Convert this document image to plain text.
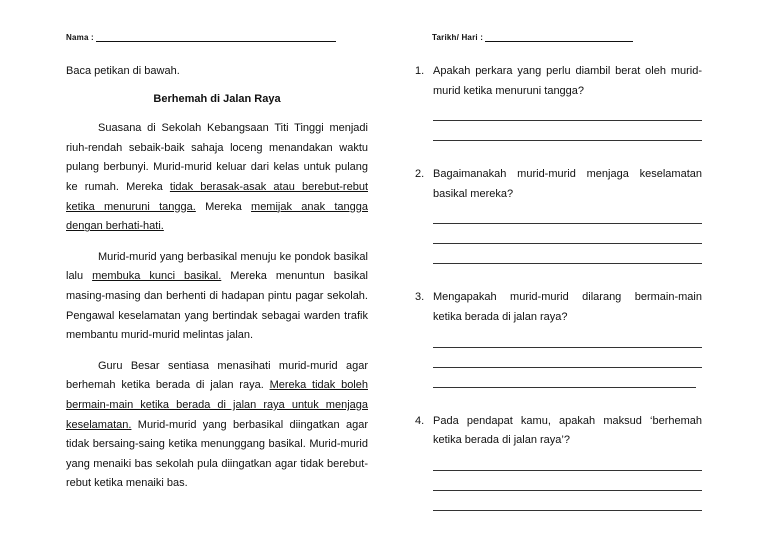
Nama :	Tarikh/ Hari :

Baca petikan di bawah.

Berhemah di Jalan Raya

Suasana di Sekolah Kebangsaan Titi Tinggi menjadi riuh-rendah sebaik-baik sahaja loceng menandakan waktu pulang berbunyi. Murid-murid keluar dari kelas untuk pulang ke rumah. Mereka tidak berasak-asak atau berebut-rebut ketika menuruni tangga. Mereka memijak anak tangga dengan berhati-hati.

Murid-murid yang berbasikal menuju ke pondok basikal lalu membuka kunci basikal. Mereka menuntun basikal masing-masing dan berhenti di hadapan pintu pagar sekolah. Pengawal keselamatan yang bertindak sebagai warden trafik membantu murid-murid melintas jalan.

Guru Besar sentiasa menasihati murid-murid agar berhemah ketika berada di jalan raya. Mereka tidak boleh bermain-main ketika berada di jalan raya untuk menjaga keselamatan. Murid-murid yang berbasikal diingatkan agar tidak bersaing-saing ketika menunggang basikal. Murid-murid yang menaiki bas sekolah pula diingatkan agar tidak berebut-rebut ketika menaiki bas.

1. Apakah perkara yang perlu diambil berat oleh murid-murid ketika menuruni tangga?
2. Bagaimanakah murid-murid menjaga keselamatan basikal mereka?
3. Mengapakah murid-murid dilarang bermain-main ketika berada di jalan raya?
4. Pada pendapat kamu, apakah maksud ‘berhemah ketika berada di jalan raya’?
